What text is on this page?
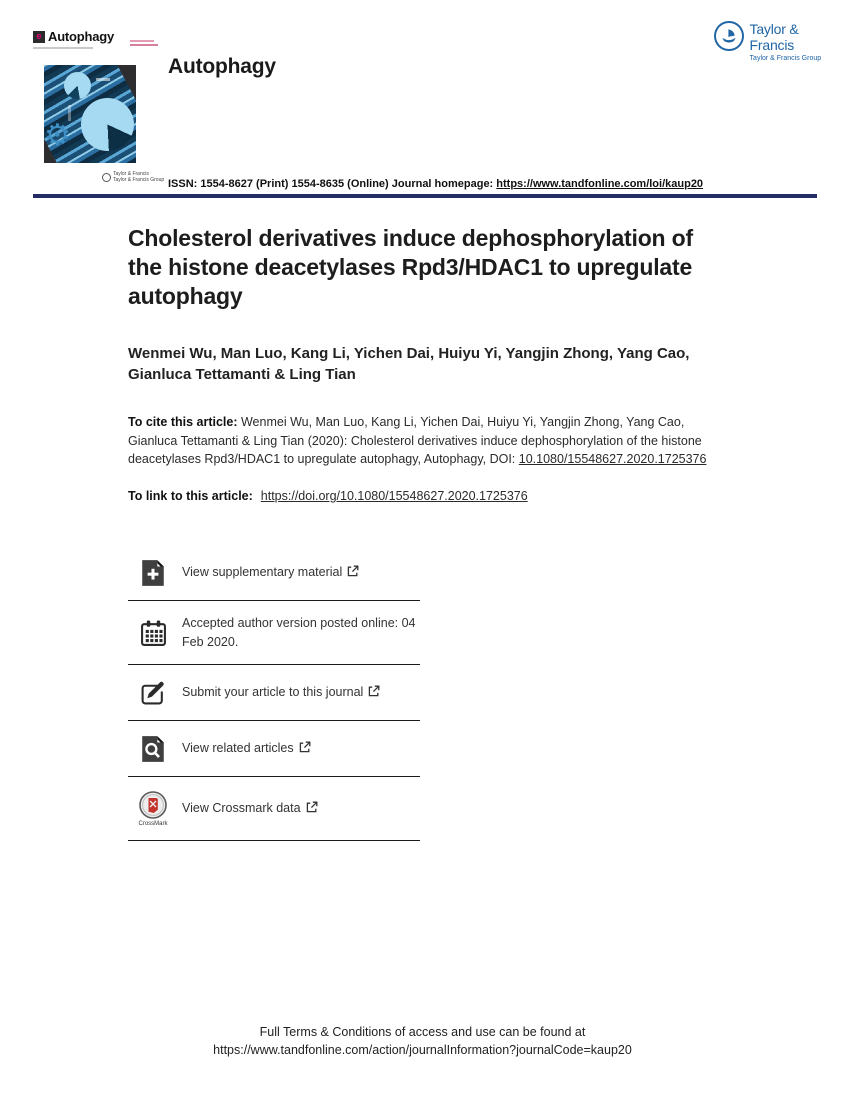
e Autophagy	Taylor & Francis
Taylor & Francis Group
⚙
Autophagy
Taylor & Francis
Taylor & Francis Group ISSN: 1554-8627 (Print) 1554-8635 (Online) Journal homepage: https://www.tandfonline.com/loi/kaup20
Cholesterol derivatives induce dephosphorylation of the histone deacetylases Rpd3/HDAC1 to upregulate autophagy
Wenmei Wu, Man Luo, Kang Li, Yichen Dai, Huiyu Yi, Yangjin Zhong, Yang Cao, Gianluca Tettamanti & Ling Tian

To cite this article: Wenmei Wu, Man Luo, Kang Li, Yichen Dai, Huiyu Yi, Yangjin Zhong, Yang Cao, Gianluca Tettamanti & Ling Tian (2020): Cholesterol derivatives induce dephosphorylation of the histone deacetylases Rpd3/HDAC1 to upregulate autophagy, Autophagy, DOI: 10.1080/15548627.2020.1725376

To link to this article: https://doi.org/10.1080/15548627.2020.1725376

View supplementary material
Accepted author version posted online: 04 Feb 2020.
Submit your article to this journal
View related articles
CrossMark
View Crossmark data
Full Terms & Conditions of access and use can be found at
https://www.tandfonline.com/action/journalInformation?journalCode=kaup20
